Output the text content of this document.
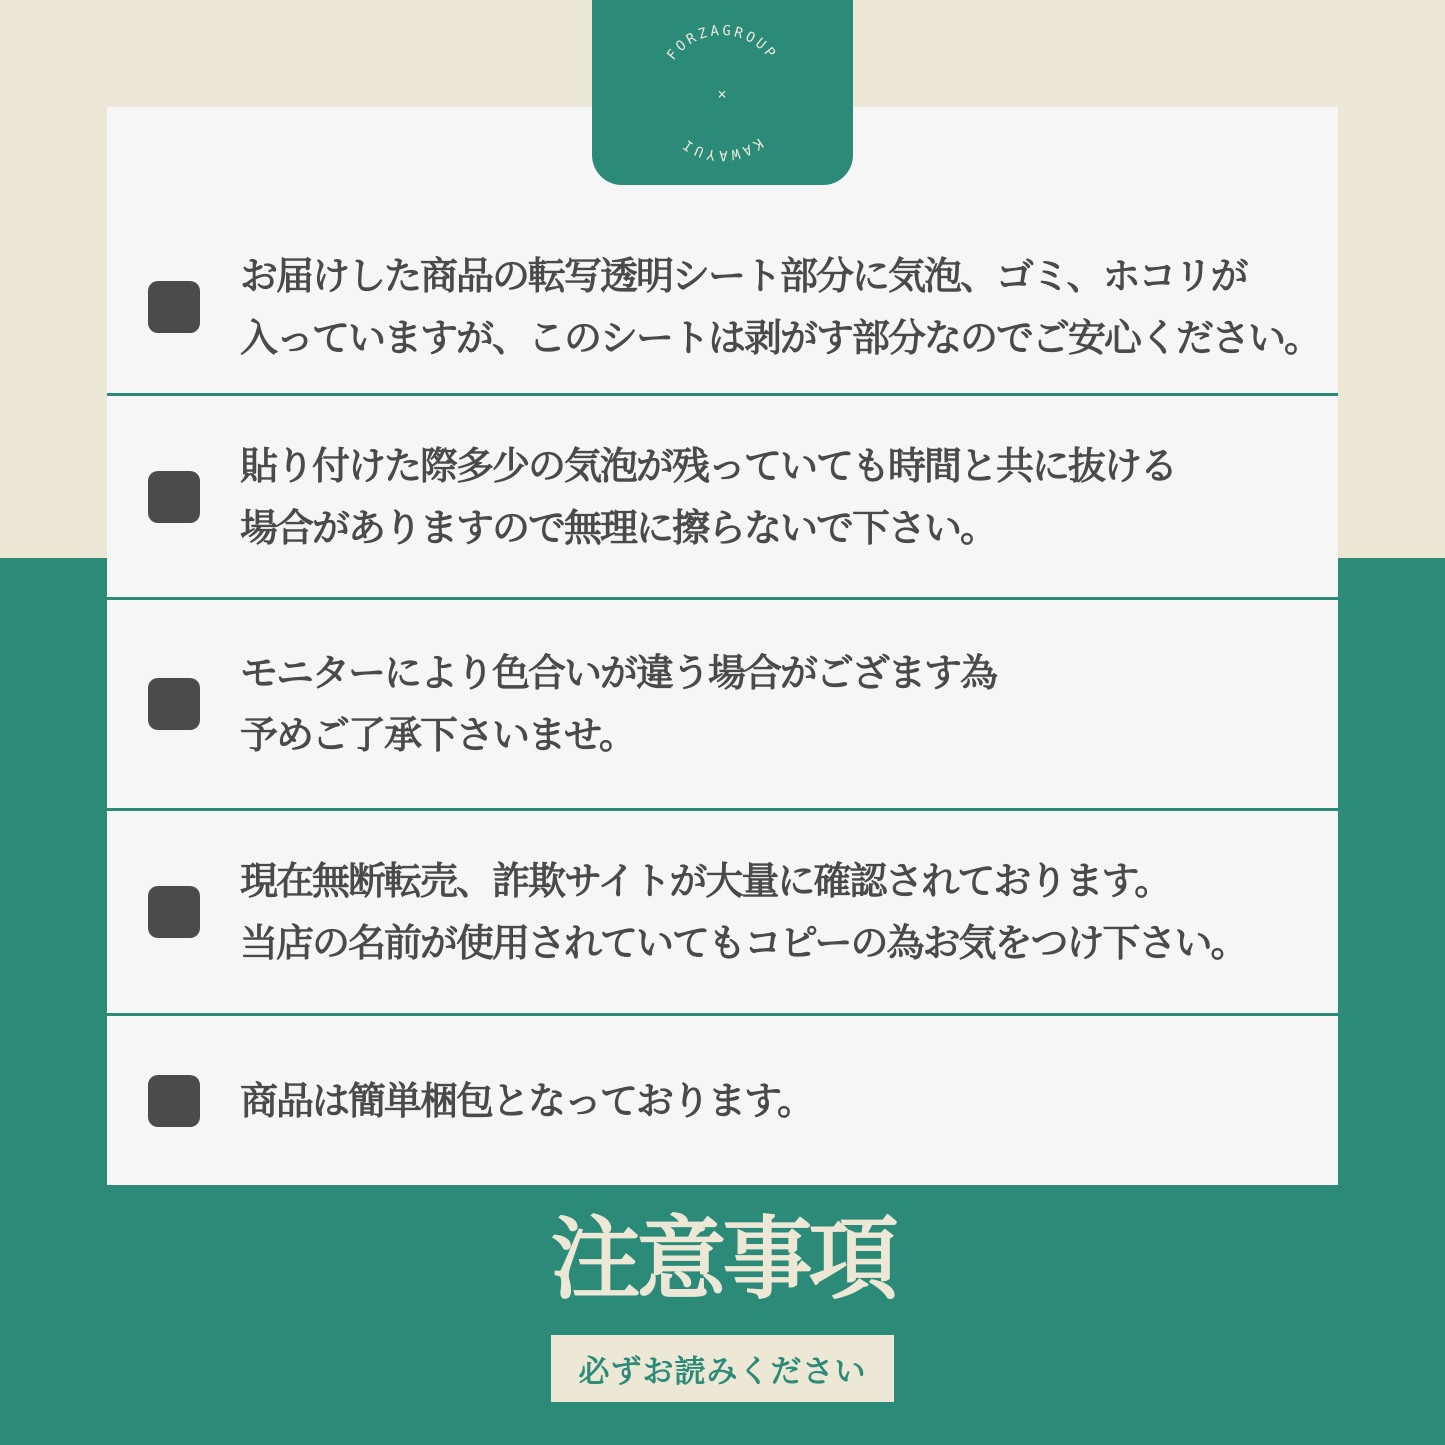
FORZAGROUP
KAWAYUI
×
お届けした商品の転写透明シート部分に気泡、ゴミ、ホコリが
入っていますが、このシートは剥がす部分なのでご安心ください。
貼り付けた際多少の気泡が残っていても時間と共に抜ける
場合がありますので無理に擦らないで下さい。
モニターにより色合いが違う場合がござます為
予めご了承下さいませ。
現在無断転売、詐欺サイトが大量に確認されております。
当店の名前が使用されていてもコピーの為お気をつけ下さい。
商品は簡単梱包となっております。
注意事項
必ずお読みください
